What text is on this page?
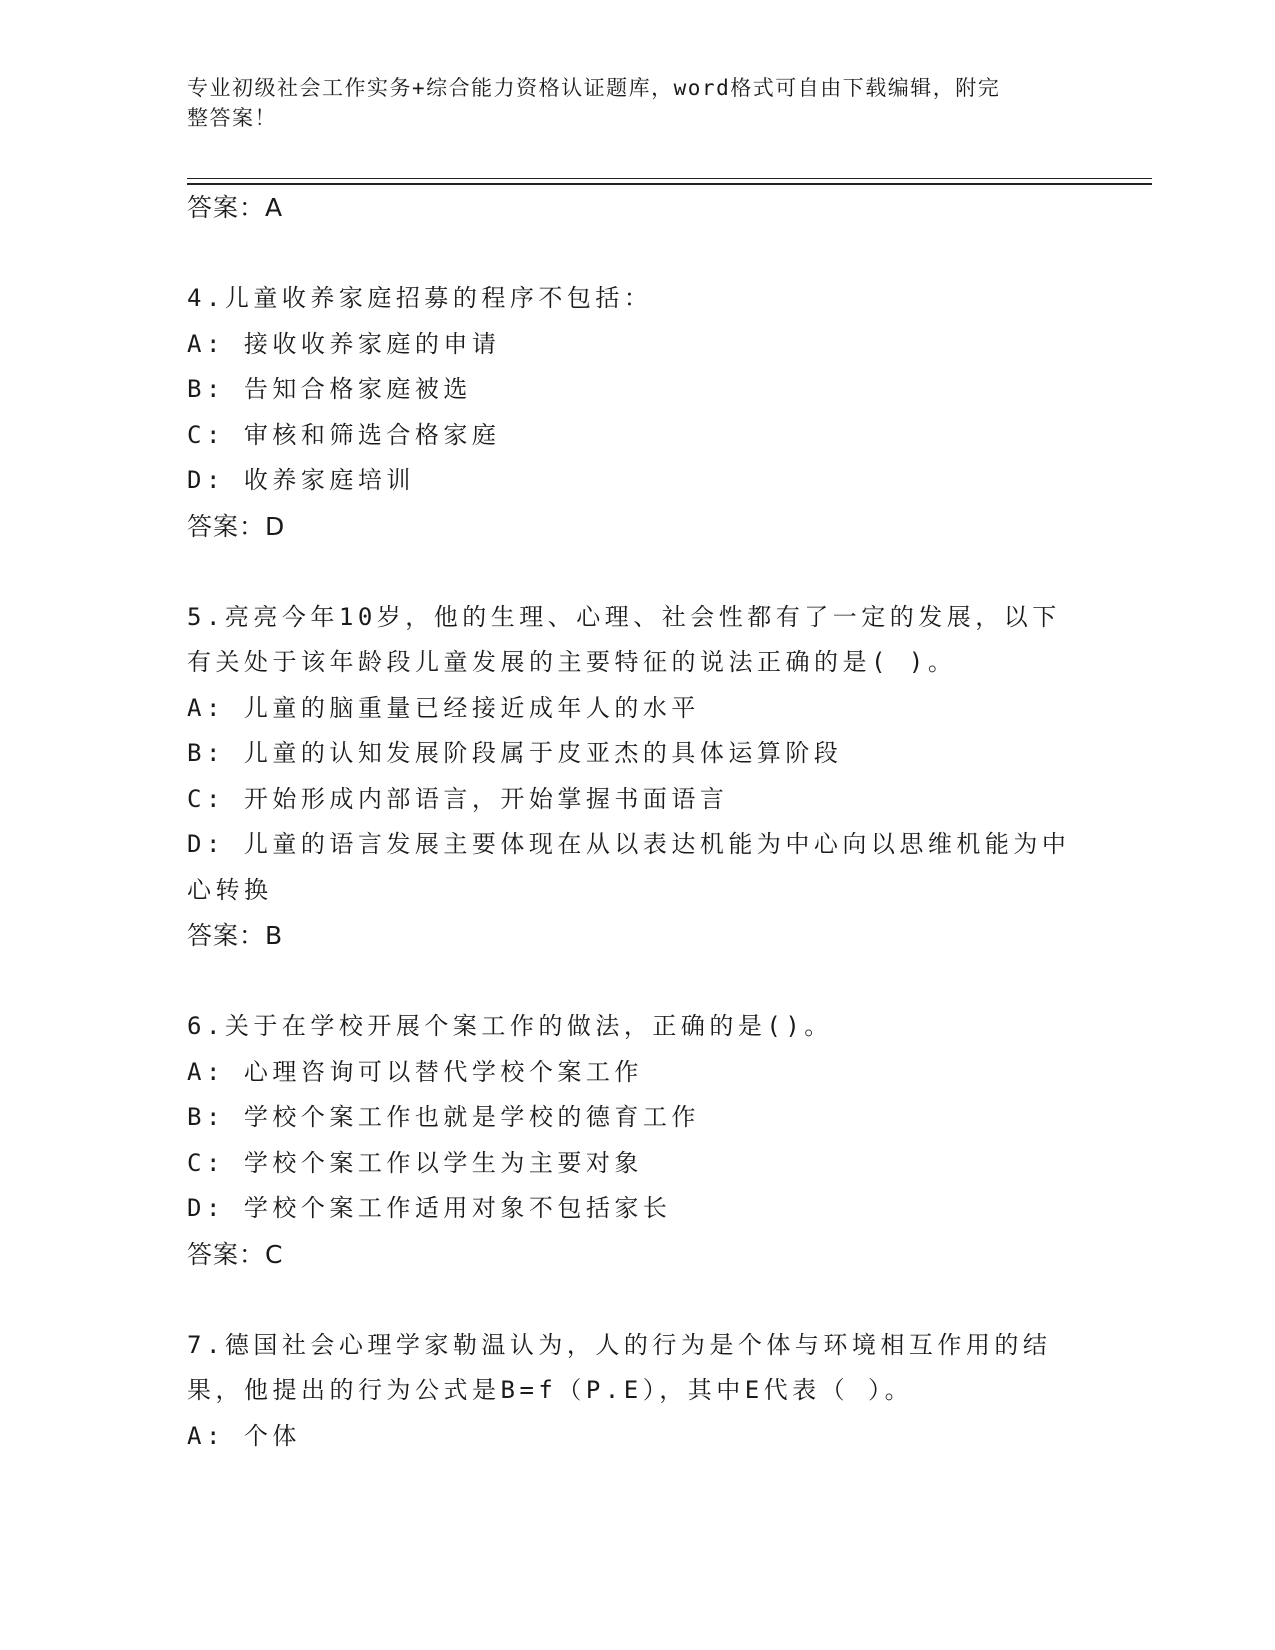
专业初级社会工作实务+综合能力资格认证题库，word格式可自由下载编辑，附完
整答案！
答案：A
4.儿童收养家庭招募的程序不包括：
A: 接收收养家庭的申请
B: 告知合格家庭被选
C: 审核和筛选合格家庭
D: 收养家庭培训
答案：D
5.亮亮今年10岁，他的生理、心理、社会性都有了一定的发展，以下
有关处于该年龄段儿童发展的主要特征的说法正确的是( )。
A: 儿童的脑重量已经接近成年人的水平
B: 儿童的认知发展阶段属于皮亚杰的具体运算阶段
C: 开始形成内部语言，开始掌握书面语言
D: 儿童的语言发展主要体现在从以表达机能为中心向以思维机能为中
心转换
答案：B
6.关于在学校开展个案工作的做法，正确的是()。
A: 心理咨询可以替代学校个案工作
B: 学校个案工作也就是学校的德育工作
C: 学校个案工作以学生为主要对象
D: 学校个案工作适用对象不包括家长
答案：C
7.德国社会心理学家勒温认为，人的行为是个体与环境相互作用的结
果，他提出的行为公式是B=f（P.E），其中E代表（ ）。
A: 个体
